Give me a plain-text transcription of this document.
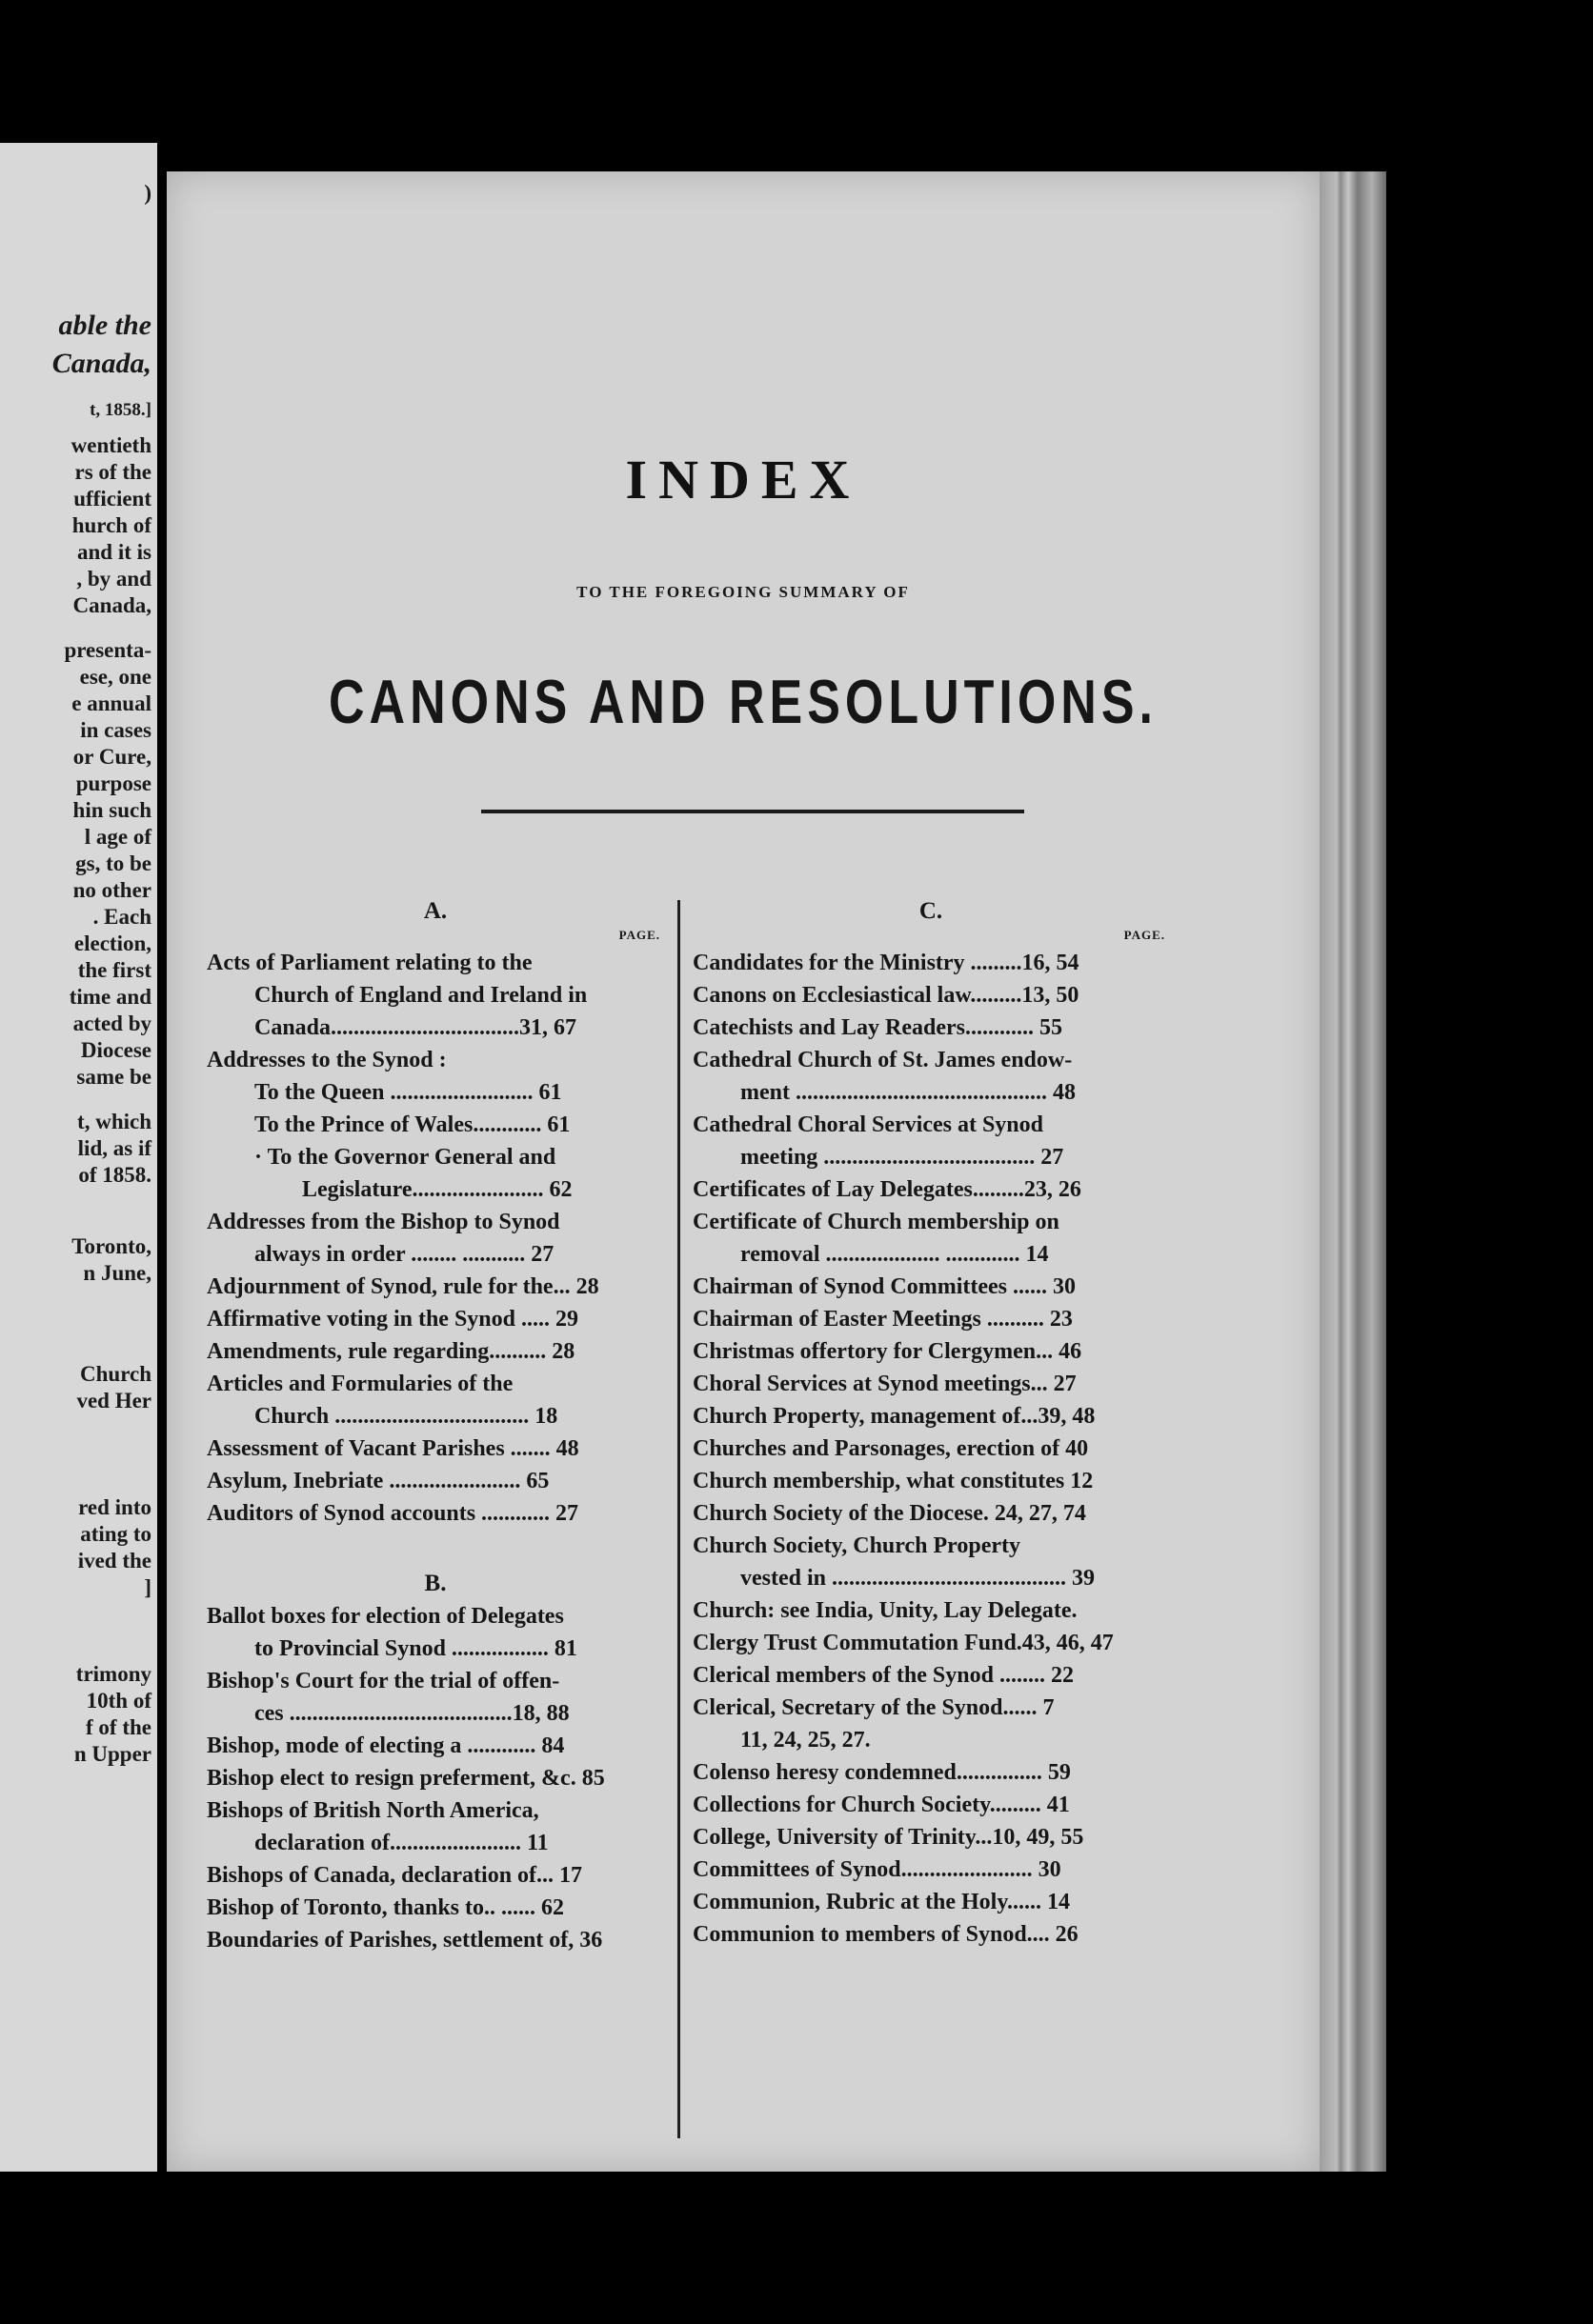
)
able the
Canada,
t, 1858.]
wentieth
rs of the
ufficient
hurch of
and it is
, by and
Canada,
presenta-
ese, one
e annual
in cases
or Cure,
purpose
hin such
l age of
gs, to be
no other
. Each
election,
the first
time and
acted by
Diocese
same be
t, which
lid, as if
of 1858.
Toronto,
n June,
Church
ved Her
red into
ating to
ived the
]
trimony
10th of
f of the
n Upper
INDEX
TO THE FOREGOING SUMMARY OF
CANONS AND RESOLUTIONS.
A.
PAGE.
Acts of Parliament relating to the
Church of England and Ireland in
Canada.................................31, 67
Addresses to the Synod :
To the Queen ......................... 61
To the Prince of Wales............ 61
· To the Governor General and
Legislature....................... 62
Addresses from the Bishop to Synod
always in order ........ ........... 27
Adjournment of Synod, rule for the... 28
Affirmative voting in the Synod ..... 29
Amendments, rule regarding.......... 28
Articles and Formularies of the
Church .................................. 18
Assessment of Vacant Parishes ....... 48
Asylum, Inebriate ....................... 65
Auditors of Synod accounts ............ 27
B.
Ballot boxes for election of Delegates
to Provincial Synod ................. 81
Bishop's Court for the trial of offen-
ces .......................................18, 88
Bishop, mode of electing a ............ 84
Bishop elect to resign preferment, &c. 85
Bishops of British North America,
declaration of....................... 11
Bishops of Canada, declaration of... 17
Bishop of Toronto, thanks to.. ...... 62
Boundaries of Parishes, settlement of, 36
C.
PAGE.
Candidates for the Ministry .........16, 54
Canons on Ecclesiastical law.........13, 50
Catechists and Lay Readers............ 55
Cathedral Church of St. James endow-
ment ............................................ 48
Cathedral Choral Services at Synod
meeting ..................................... 27
Certificates of Lay Delegates.........23, 26
Certificate of Church membership on
removal .................... ............. 14
Chairman of Synod Committees ...... 30
Chairman of Easter Meetings .......... 23
Christmas offertory for Clergymen... 46
Choral Services at Synod meetings... 27
Church Property, management of...39, 48
Churches and Parsonages, erection of 40
Church membership, what constitutes 12
Church Society of the Diocese. 24, 27, 74
Church Society, Church Property
vested in ......................................... 39
Church: see India, Unity, Lay Delegate.
Clergy Trust Commutation Fund.43, 46, 47
Clerical members of the Synod ........ 22
Clerical, Secretary of the Synod...... 7
11, 24, 25, 27.
Colenso heresy condemned............... 59
Collections for Church Society......... 41
College, University of Trinity...10, 49, 55
Committees of Synod....................... 30
Communion, Rubric at the Holy...... 14
Communion to members of Synod.... 26
